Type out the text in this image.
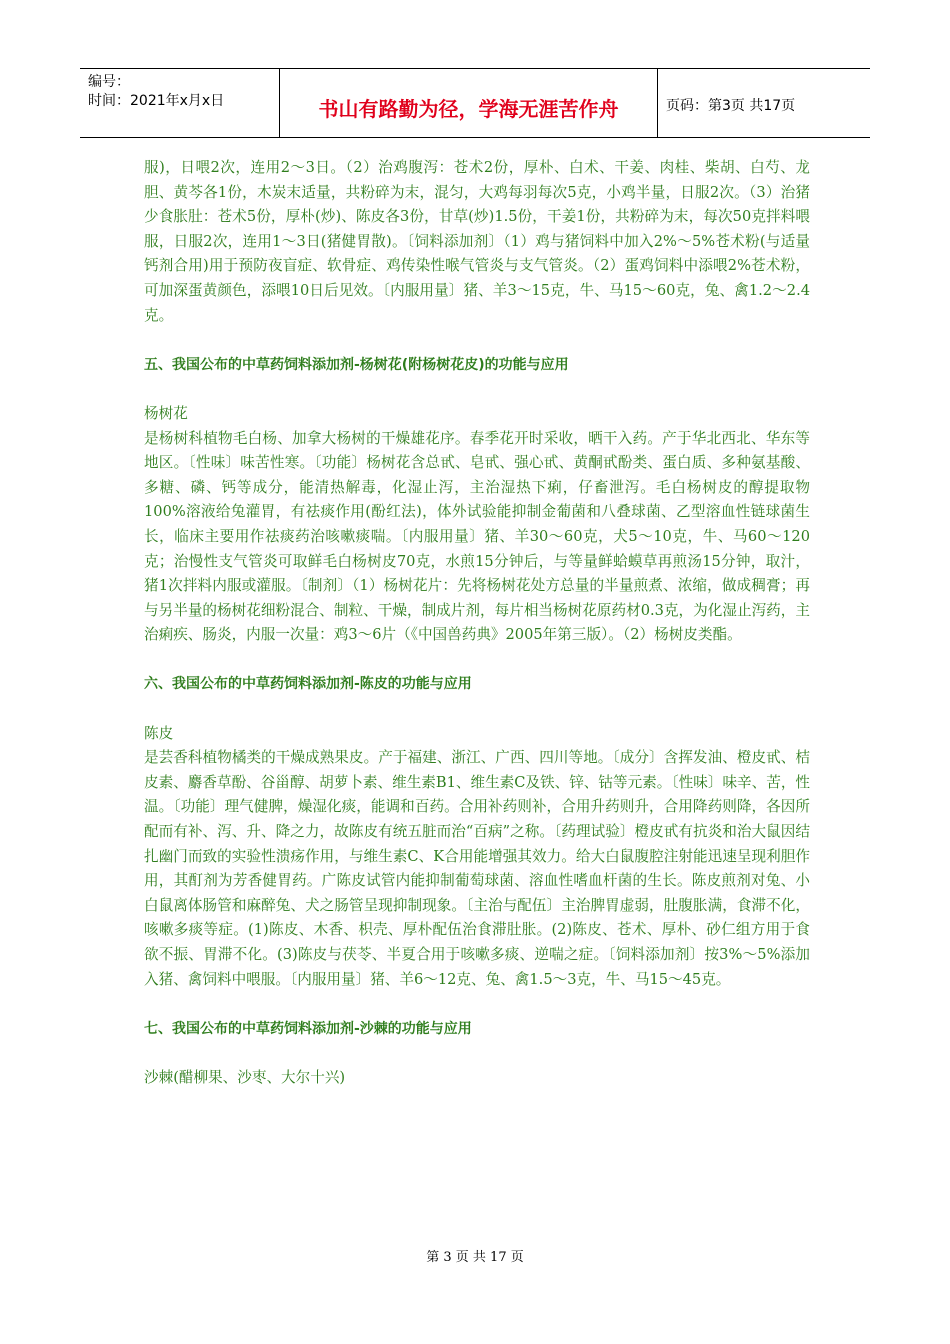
编号：
时间：2021年x月x日	书山有路勤为径，学海无涯苦作舟	页码：第3页 共17页

服)，日喂2次，连用2～3日。（2）治鸡腹泻：苍术2份，厚朴、白术、干姜、肉桂、柴胡、白芍、龙胆、黄芩各1份，木炭末适量，共粉碎为末，混匀，大鸡每羽每次5克，小鸡半量，日服2次。（3）治猪少食胀肚：苍术5份，厚朴(炒)、陈皮各3份，甘草(炒)1.5份，干姜1份，共粉碎为末，每次50克拌料喂服，日服2次，连用1～3日(猪健胃散)。〔饲料添加剂〕（1）鸡与猪饲料中加入2%～5%苍术粉(与适量钙剂合用)用于预防夜盲症、软骨症、鸡传染性喉气管炎与支气管炎。（2）蛋鸡饲料中添喂2%苍术粉，可加深蛋黄颜色，添喂10日后见效。〔内服用量〕猪、羊3～15克，牛、马15～60克，兔、禽1.2～2.4克。

五、我国公布的中草药饲料添加剂-杨树花(附杨树花皮)的功能与应用

杨树花

是杨树科植物毛白杨、加拿大杨树的干燥雄花序。春季花开时采收，晒干入药。产于华北西北、华东等地区。〔性味〕味苦性寒。〔功能〕杨树花含总甙、皂甙、强心甙、黄酮甙酚类、蛋白质、多种氨基酸、多糖、磷、钙等成分，能清热解毒，化湿止泻，主治湿热下痢，仔畜泄泻。毛白杨树皮的醇提取物100%溶液给兔灌胃，有祛痰作用(酚红法)，体外试验能抑制金葡菌和八叠球菌、乙型溶血性链球菌生长，临床主要用作祛痰药治咳嗽痰喘。〔内服用量〕猪、羊30～60克，犬5～10克，牛、马60～120克；治慢性支气管炎可取鲜毛白杨树皮70克，水煎15分钟后，与等量鲜蛤蟆草再煎汤15分钟，取汁，猪1次拌料内服或灌服。〔制剂〕（1）杨树花片：先将杨树花处方总量的半量煎煮、浓缩，做成稠膏；再与另半量的杨树花细粉混合、制粒、干燥，制成片剂，每片相当杨树花原药材0.3克，为化湿止泻药，主治痢疾、肠炎，内服一次量：鸡3～6片（《中国兽药典》2005年第三版）。（2）杨树皮类酯。

六、我国公布的中草药饲料添加剂-陈皮的功能与应用

陈皮

是芸香科植物橘类的干燥成熟果皮。产于福建、浙江、广西、四川等地。〔成分〕含挥发油、橙皮甙、桔皮素、麝香草酚、谷甾醇、胡萝卜素、维生素B1、维生素C及铁、锌、钴等元素。〔性味〕味辛、苦，性温。〔功能〕理气健脾，燥湿化痰，能调和百药。合用补药则补，合用升药则升，合用降药则降，各因所配而有补、泻、升、降之力，故陈皮有统五脏而治“百病”之称。〔药理试验〕橙皮甙有抗炎和治大鼠因结扎幽门而致的实验性溃疡作用，与维生素C、K合用能增强其效力。给大白鼠腹腔注射能迅速呈现利胆作用，其酊剂为芳香健胃药。广陈皮试管内能抑制葡萄球菌、溶血性嗜血杆菌的生长。陈皮煎剂对兔、小白鼠离体肠管和麻醉兔、犬之肠管呈现抑制现象。〔主治与配伍〕主治脾胃虚弱，肚腹胀满，食滞不化，咳嗽多痰等症。(1)陈皮、木香、枳壳、厚朴配伍治食滞肚胀。(2)陈皮、苍术、厚朴、砂仁组方用于食欲不振、胃滞不化。(3)陈皮与茯苓、半夏合用于咳嗽多痰、逆喘之症。〔饲料添加剂〕按3%～5%添加入猪、禽饲料中喂服。〔内服用量〕猪、羊6～12克、兔、禽1.5～3克，牛、马15～45克。

七、我国公布的中草药饲料添加剂-沙棘的功能与应用

沙棘(醋柳果、沙枣、大尔十兴)

第 3 页 共 17 页
